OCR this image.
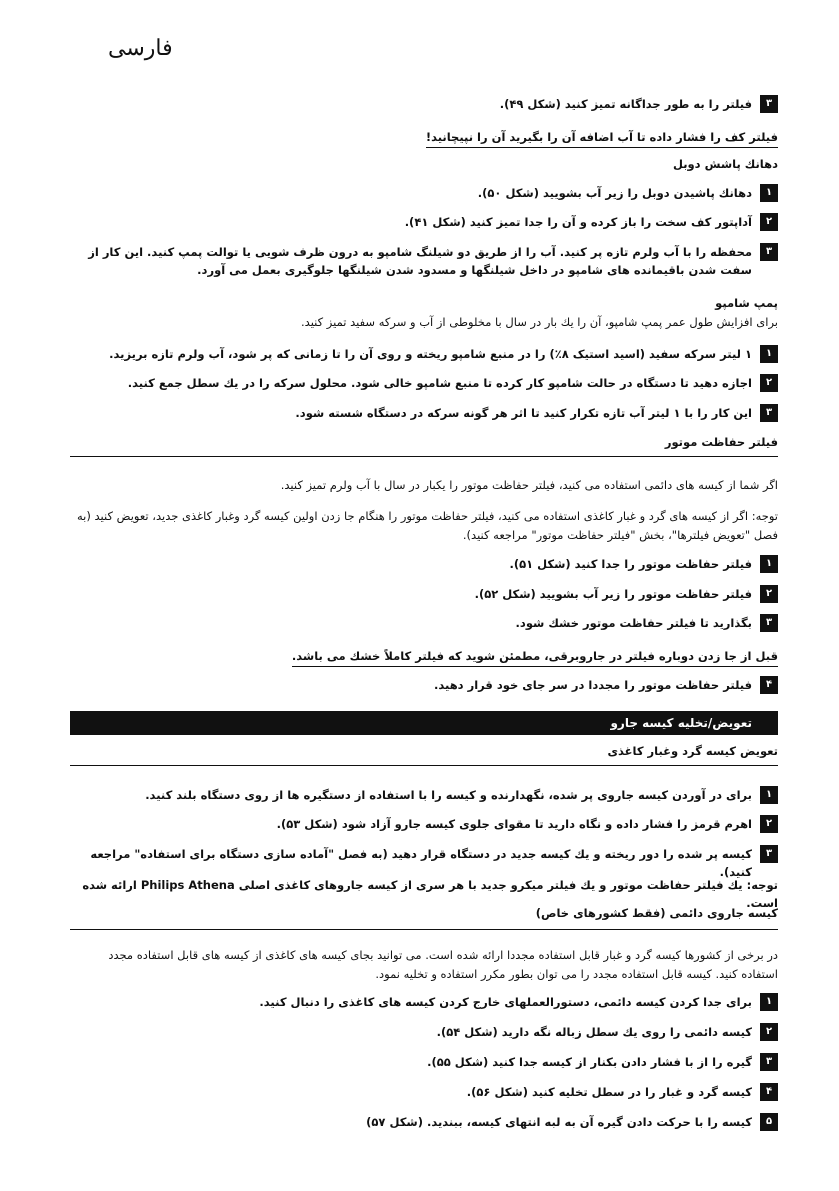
فارسی
۳
فیلتر را به طور جداگانه تمیز کنید (شکل ۴۹).
فیلتر کف را فشار داده تا آب اضافه آن را بگیرید آن را نپیچانید!
دهانك پاشش دوبل
۱
دهانك پاشیدن دوبل را زیر آب بشویید (شکل ۵۰).
۲
آداپتور کف سخت را باز کرده و آن را جدا تمیز کنید (شکل ۴۱).
۳
محفظه را با آب ولرم تازه پر کنید. آب را از طریق دو شیلنگ شامپو به درون ظرف شویی یا توالت پمپ کنید. این کار از سفت شدن باقیمانده های شامپو در داخل شیلنگها و مسدود شدن شیلنگها جلوگیری بعمل می آورد.
پمپ شامپو
برای افزایش طول عمر پمپ شامپو، آن را یك بار در سال با مخلوطی از آب و سرکه سفید تمیز کنید.
۱
۱ لیتر سرکه سفید (اسید استیک ۸٪) را در منبع شامپو ریخته و روی آن را تا زمانی که پر شود، آب ولرم تازه بریزید.
۲
اجازه دهید تا دستگاه در حالت شامپو کار کرده تا منبع شامپو خالی شود. محلول سرکه را در یك سطل جمع کنید.
۳
این کار را با ۱ لیتر آب تازه تکرار کنید تا اثر هر گونه سرکه در دستگاه شسته شود.
فیلتر حفاظت موتور
اگر شما از کیسه های دائمی استفاده می کنید، فیلتر حفاظت موتور را یکبار در سال با آب ولرم تمیز کنید.
توجه: اگر از کیسه های گرد و غبار کاغذی استفاده می کنید، فیلتر حفاظت موتور را هنگام جا زدن اولین کیسه گرد وغبار کاغذی جدید، تعویض کنید (به فصل "تعویض فیلترها"، بخش "فیلتر حفاظت موتور" مراجعه کنید).
۱
فیلتر حفاظت موتور را جدا کنید (شکل ۵۱).
۲
فیلتر حفاظت موتور را زیر آب بشویید (شکل ۵۲).
۳
بگذارید تا فیلتر حفاظت موتور خشك شود.
قبل از جا زدن دوباره فیلتر در جاروبرقی، مطمئن شوید که فیلتر کاملاً خشك می باشد.
۴
فیلتر حفاظت موتور را مجددا در سر جای خود قرار دهید.
تعویض/تخلیه کیسه جارو
تعویض کیسه گرد وغبار کاغذی
۱
برای در آوردن کیسه جاروی پر شده، نگهدارنده و کیسه را با استفاده از دستگیره ها از روی دستگاه بلند کنید.
۲
اهرم قرمز را فشار داده و نگاه دارید تا مقوای جلوی کیسه جارو آزاد شود (شکل ۵۳).
۳
کیسه پر شده را دور ریخته و یك کیسه جدید در دستگاه قرار دهید (به فصل "آماده سازی دستگاه برای استفاده" مراجعه کنید).
توجه: یك فیلتر حفاظت موتور و یك فیلتر میکرو جدید با هر سری از کیسه جاروهای کاغذی اصلی Philips Athena ارائه شده است.
کیسه جاروی دائمی (فقط کشورهای خاص)
در برخی از کشورها کیسه گرد و غبار قابل استفاده مجددا ارائه شده است. می توانید بجای کیسه های کاغذی از کیسه های قابل استفاده مجدد استفاده کنید. کیسه قابل استفاده مجدد را می توان بطور مکرر استفاده و تخلیه نمود.
۱
برای جدا کردن کیسه دائمی، دستورالعملهای خارج کردن کیسه های کاغذی را دنبال کنید.
۲
کیسه دائمی را روی یك سطل زباله نگه دارید (شکل ۵۴).
۳
گیره را از با فشار دادن بکنار از کیسه جدا کنید (شکل ۵۵).
۴
کیسه گرد و غبار را در سطل تخلیه کنید (شکل ۵۶).
۵
کیسه را با حرکت دادن گیره آن به لبه انتهای کیسه، ببندید. (شکل ۵۷)
